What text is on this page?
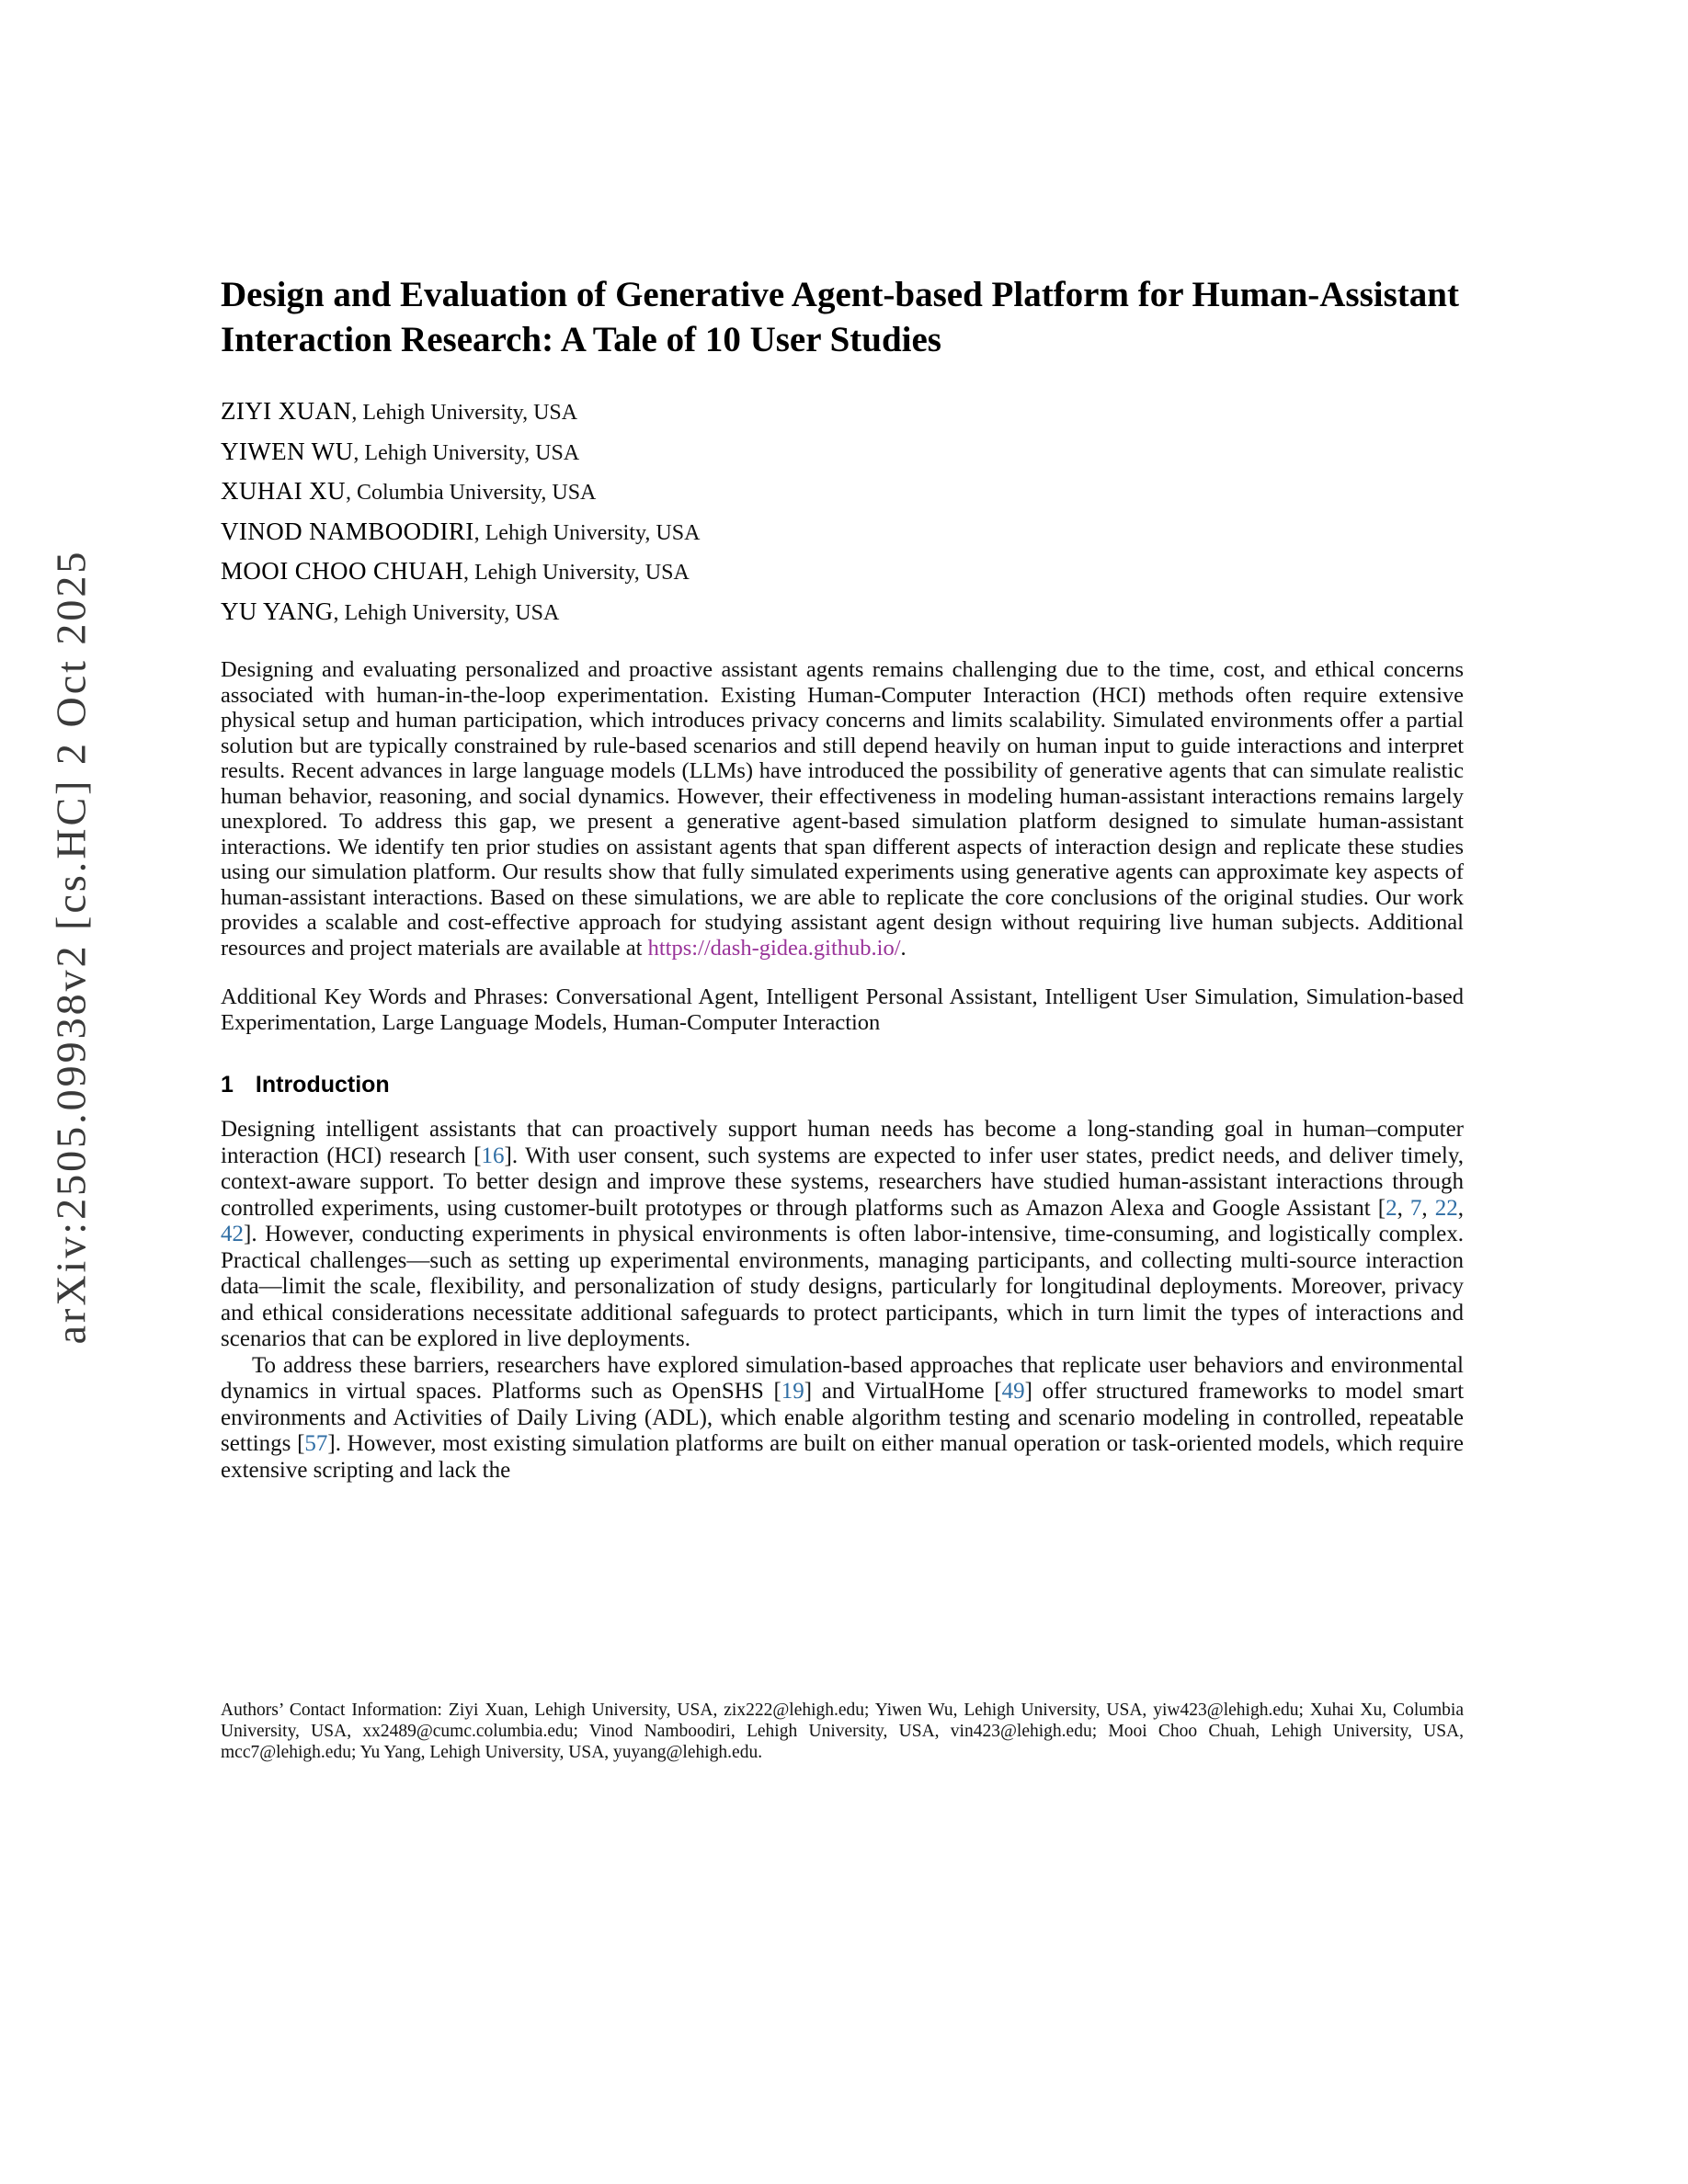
arXiv:2505.09938v2 [cs.HC] 2 Oct 2025
Design and Evaluation of Generative Agent-based Platform for Human-Assistant Interaction Research: A Tale of 10 User Studies
ZIYI XUAN, Lehigh University, USA
YIWEN WU, Lehigh University, USA
XUHAI XU, Columbia University, USA
VINOD NAMBOODIRI, Lehigh University, USA
MOOI CHOO CHUAH, Lehigh University, USA
YU YANG, Lehigh University, USA
Designing and evaluating personalized and proactive assistant agents remains challenging due to the time, cost, and ethical concerns associated with human-in-the-loop experimentation. Existing Human-Computer Interaction (HCI) methods often require extensive physical setup and human participation, which introduces privacy concerns and limits scalability. Simulated environments offer a partial solution but are typically constrained by rule-based scenarios and still depend heavily on human input to guide interactions and interpret results. Recent advances in large language models (LLMs) have introduced the possibility of generative agents that can simulate realistic human behavior, reasoning, and social dynamics. However, their effectiveness in modeling human-assistant interactions remains largely unexplored. To address this gap, we present a generative agent-based simulation platform designed to simulate human-assistant interactions. We identify ten prior studies on assistant agents that span different aspects of interaction design and replicate these studies using our simulation platform. Our results show that fully simulated experiments using generative agents can approximate key aspects of human-assistant interactions. Based on these simulations, we are able to replicate the core conclusions of the original studies. Our work provides a scalable and cost-effective approach for studying assistant agent design without requiring live human subjects. Additional resources and project materials are available at https://dash-gidea.github.io/.
Additional Key Words and Phrases: Conversational Agent, Intelligent Personal Assistant, Intelligent User Simulation, Simulation-based Experimentation, Large Language Models, Human-Computer Interaction
1 Introduction

Designing intelligent assistants that can proactively support human needs has become a long-standing goal in human–computer interaction (HCI) research [16]. With user consent, such systems are expected to infer user states, predict needs, and deliver timely, context-aware support. To better design and improve these systems, researchers have studied human-assistant interactions through controlled experiments, using customer-built prototypes or through platforms such as Amazon Alexa and Google Assistant [2, 7, 22, 42]. However, conducting experiments in physical environments is often labor-intensive, time-consuming, and logistically complex. Practical challenges—such as setting up experimental environments, managing participants, and collecting multi-source interaction data—limit the scale, flexibility, and personalization of study designs, particularly for longitudinal deployments. Moreover, privacy and ethical considerations necessitate additional safeguards to protect participants, which in turn limit the types of interactions and scenarios that can be explored in live deployments.

To address these barriers, researchers have explored simulation-based approaches that replicate user behaviors and environmental dynamics in virtual spaces. Platforms such as OpenSHS [19] and VirtualHome [49] offer structured frameworks to model smart environments and Activities of Daily Living (ADL), which enable algorithm testing and scenario modeling in controlled, repeatable settings [57]. However, most existing simulation platforms are built on either manual operation or task-oriented models, which require extensive scripting and lack the

Authors’ Contact Information: Ziyi Xuan, Lehigh University, USA, zix222@lehigh.edu; Yiwen Wu, Lehigh University, USA, yiw423@lehigh.edu; Xuhai Xu, Columbia University, USA, xx2489@cumc.columbia.edu; Vinod Namboodiri, Lehigh University, USA, vin423@lehigh.edu; Mooi Choo Chuah, Lehigh University, USA, mcc7@lehigh.edu; Yu Yang, Lehigh University, USA, yuyang@lehigh.edu.
